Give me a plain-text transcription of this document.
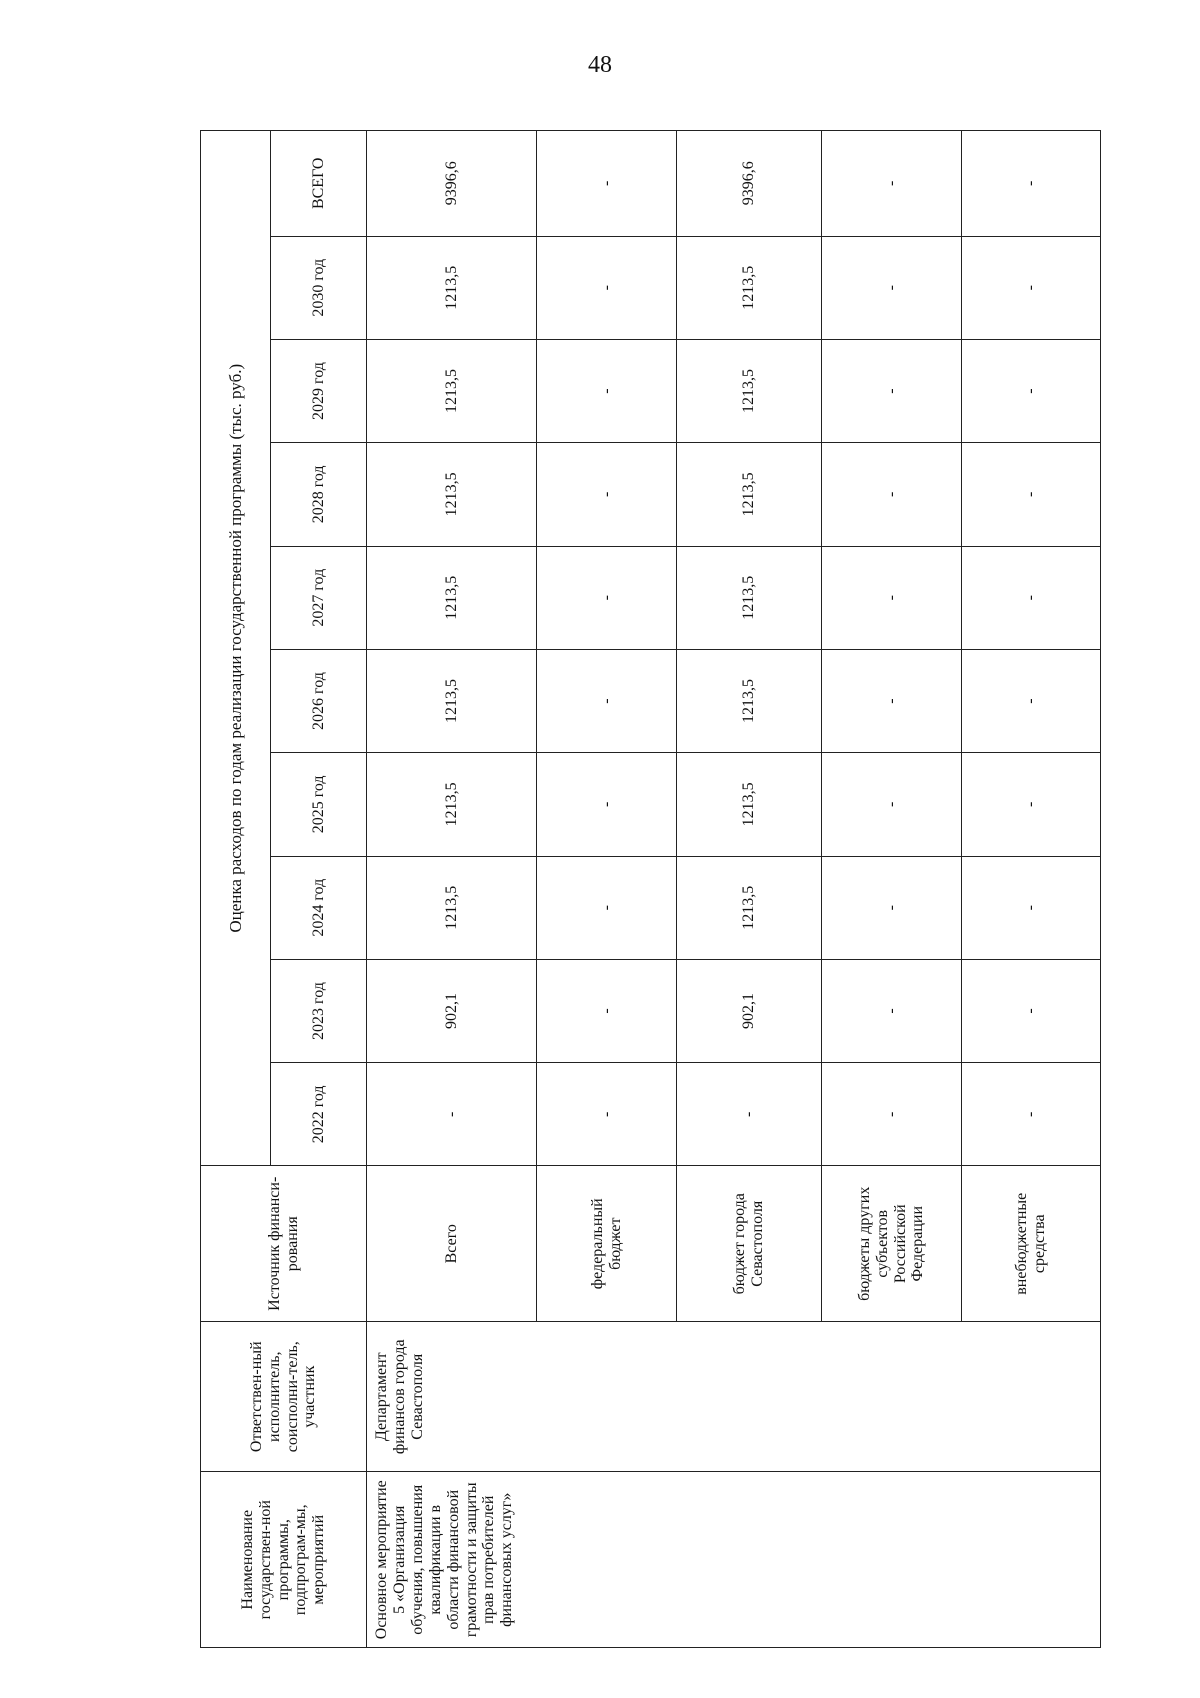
48
Наименование государствен-ной программы, подпрограм-мы, мероприятий	Ответствен-ный исполнитель, соисполни-тель, участник	Источник финанси-рования	Оценка расходов по годам реализации государственной программы (тыс. руб.)									
			2022 год	2023 год	2024 год	2025 год	2026 год	2027 год	2028 год	2029 год	2030 год	ВСЕГО
Основное мероприятие 5 «Организация обучения, повышения квалификации в области финансовой грамотности и защиты прав потребителей финансовых услуг»	Департамент финансов города Севастополя	Всего	-	902,1	1213,5	1213,5	1213,5	1213,5	1213,5	1213,5	1213,5	9396,6
		федеральный бюджет	-	-	-	-	-	-	-	-	-	-
		бюджет города Севастополя	-	902,1	1213,5	1213,5	1213,5	1213,5	1213,5	1213,5	1213,5	9396,6
		бюджеты других субъектов Российской Федерации	-	-	-	-	-	-	-	-	-	-
		внебюджетные средства	-	-	-	-	-	-	-	-	-	-
